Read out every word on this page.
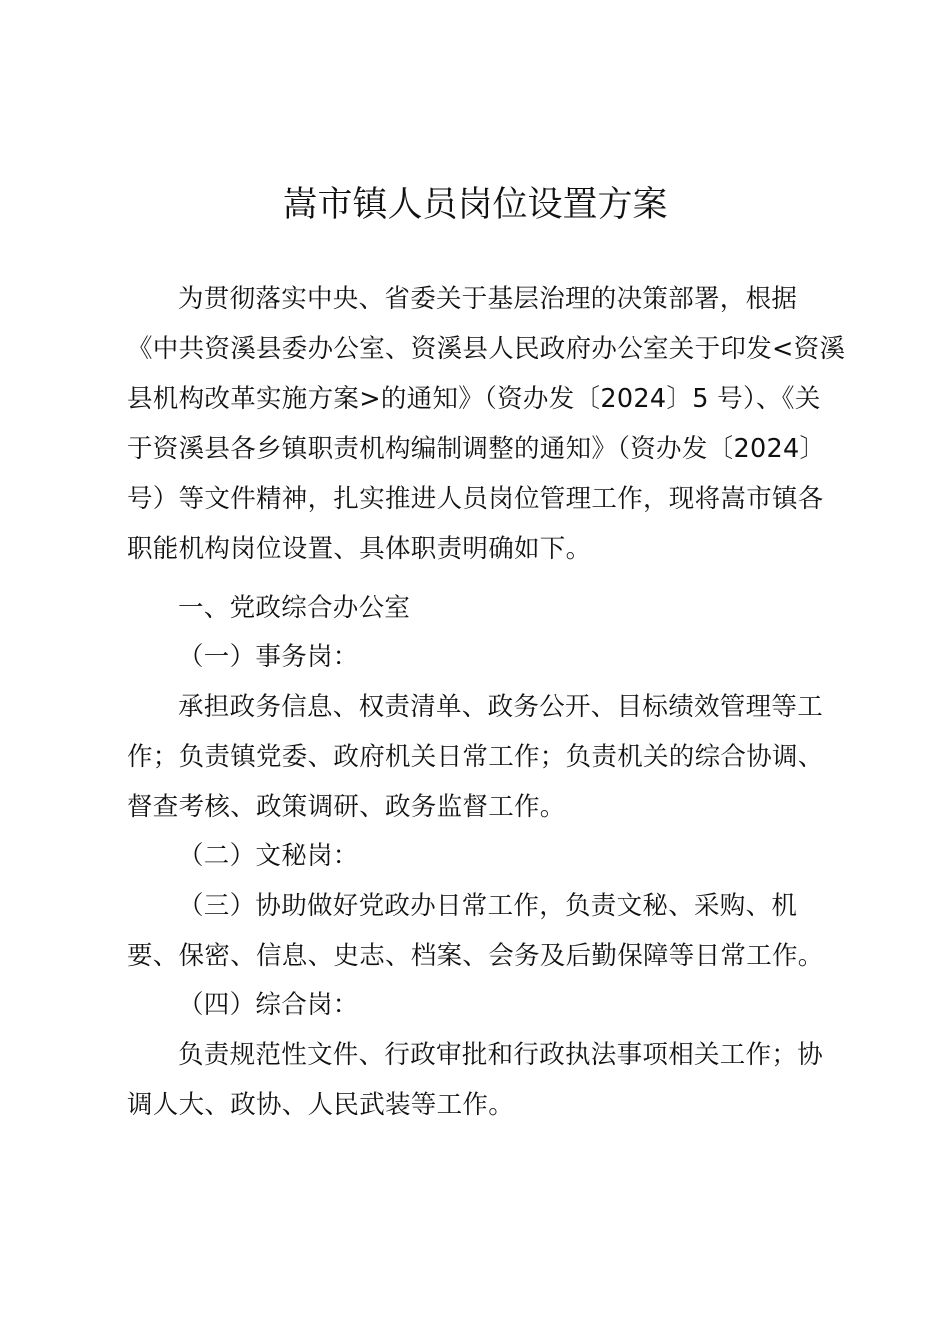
嵩市镇人员岗位设置方案
为贯彻落实中央、省委关于基层治理的决策部署，根据
《中共资溪县委办公室、资溪县人民政府办公室关于印发<资溪
县机构改革实施方案>的通知》（资办发〔2024〕5 号）、《关
于资溪县各乡镇职责机构编制调整的通知》（资办发〔2024〕
号）等文件精神，扎实推进人员岗位管理工作，现将嵩市镇各
职能机构岗位设置、具体职责明确如下。
一、党政综合办公室
（一）事务岗：
承担政务信息、权责清单、政务公开、目标绩效管理等工
作；负责镇党委、政府机关日常工作；负责机关的综合协调、
督查考核、政策调研、政务监督工作。
（二）文秘岗：
（三）协助做好党政办日常工作，负责文秘、采购、机
要、保密、信息、史志、档案、会务及后勤保障等日常工作。
（四）综合岗：
负责规范性文件、行政审批和行政执法事项相关工作；协
调人大、政协、人民武装等工作。
